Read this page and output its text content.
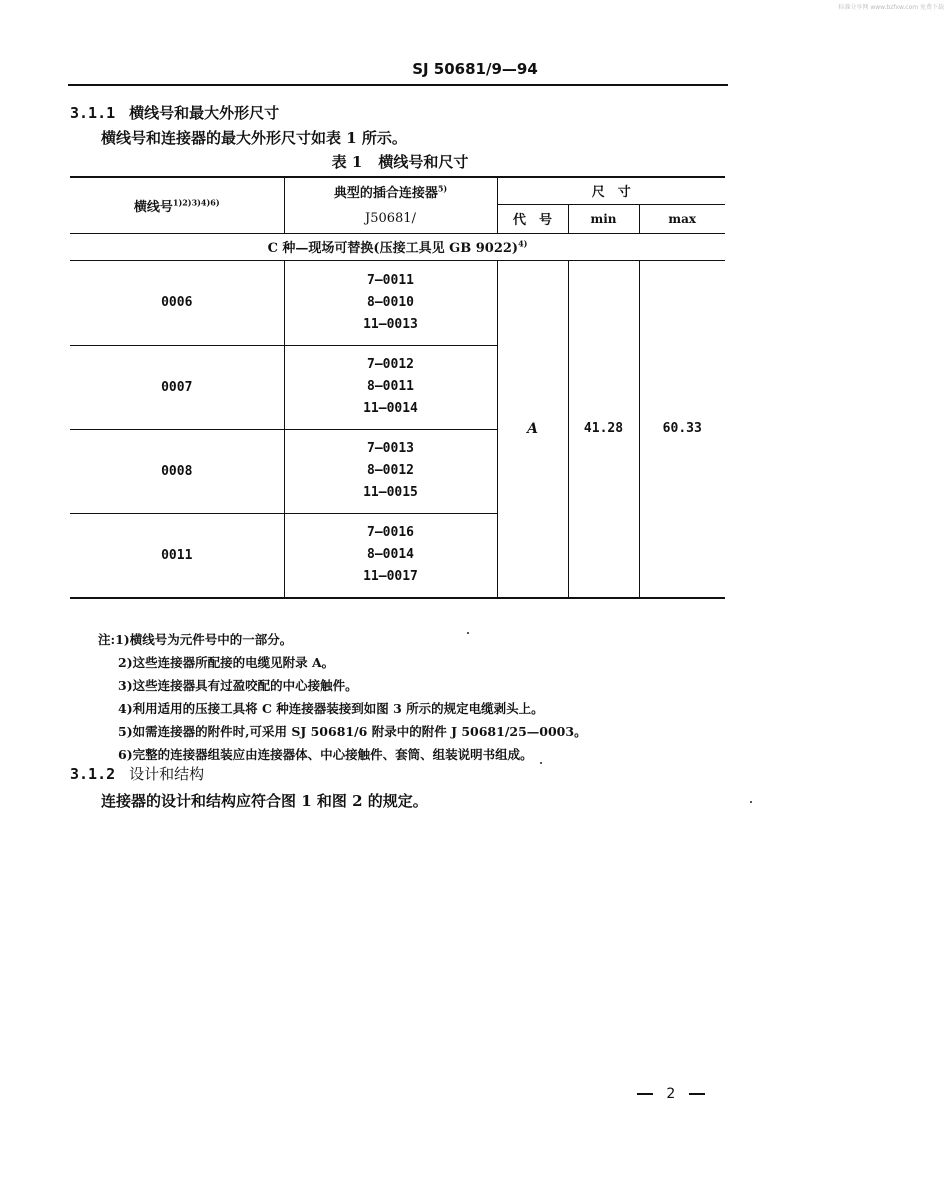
标准分享网 www.bzfxw.com 免费下载
SJ 50681/9—94
3.1.1 横线号和最大外形尺寸
横线号和连接器的最大外形尺寸如表 1 所示。
表 1 横线号和尺寸
横线号$^{1)2)3)4)6)}$	典型的插合连接器$^{5)}$	尺　寸		
	J50681/	代　号	min	max
C 种—现场可替换(压接工具见 GB 9022)$^{4)}$
0006	7—0011
8—0010
11—0013	A	41.28	60.33
0007	7—0012
8—0011
11—0014			

0008	7—0013
8—0012
11—0015			

0011	7—0016
8—0014
11—0017			
注:1)横线号为元件号中的一部分。
2)这些连接器所配接的电缆见附录 A。
3)这些连接器具有过盈咬配的中心接触件。
4)利用适用的压接工具将 C 种连接器装接到如图 3 所示的规定电缆剥头上。
5)如需连接器的附件时,可采用 SJ 50681/6 附录中的附件 J 50681/25—0003。
6)完整的连接器组装应由连接器体、中心接触件、套筒、组装说明书组成。
3.1.2 设计和结构
连接器的设计和结构应符合图 1 和图 2 的规定。
2
